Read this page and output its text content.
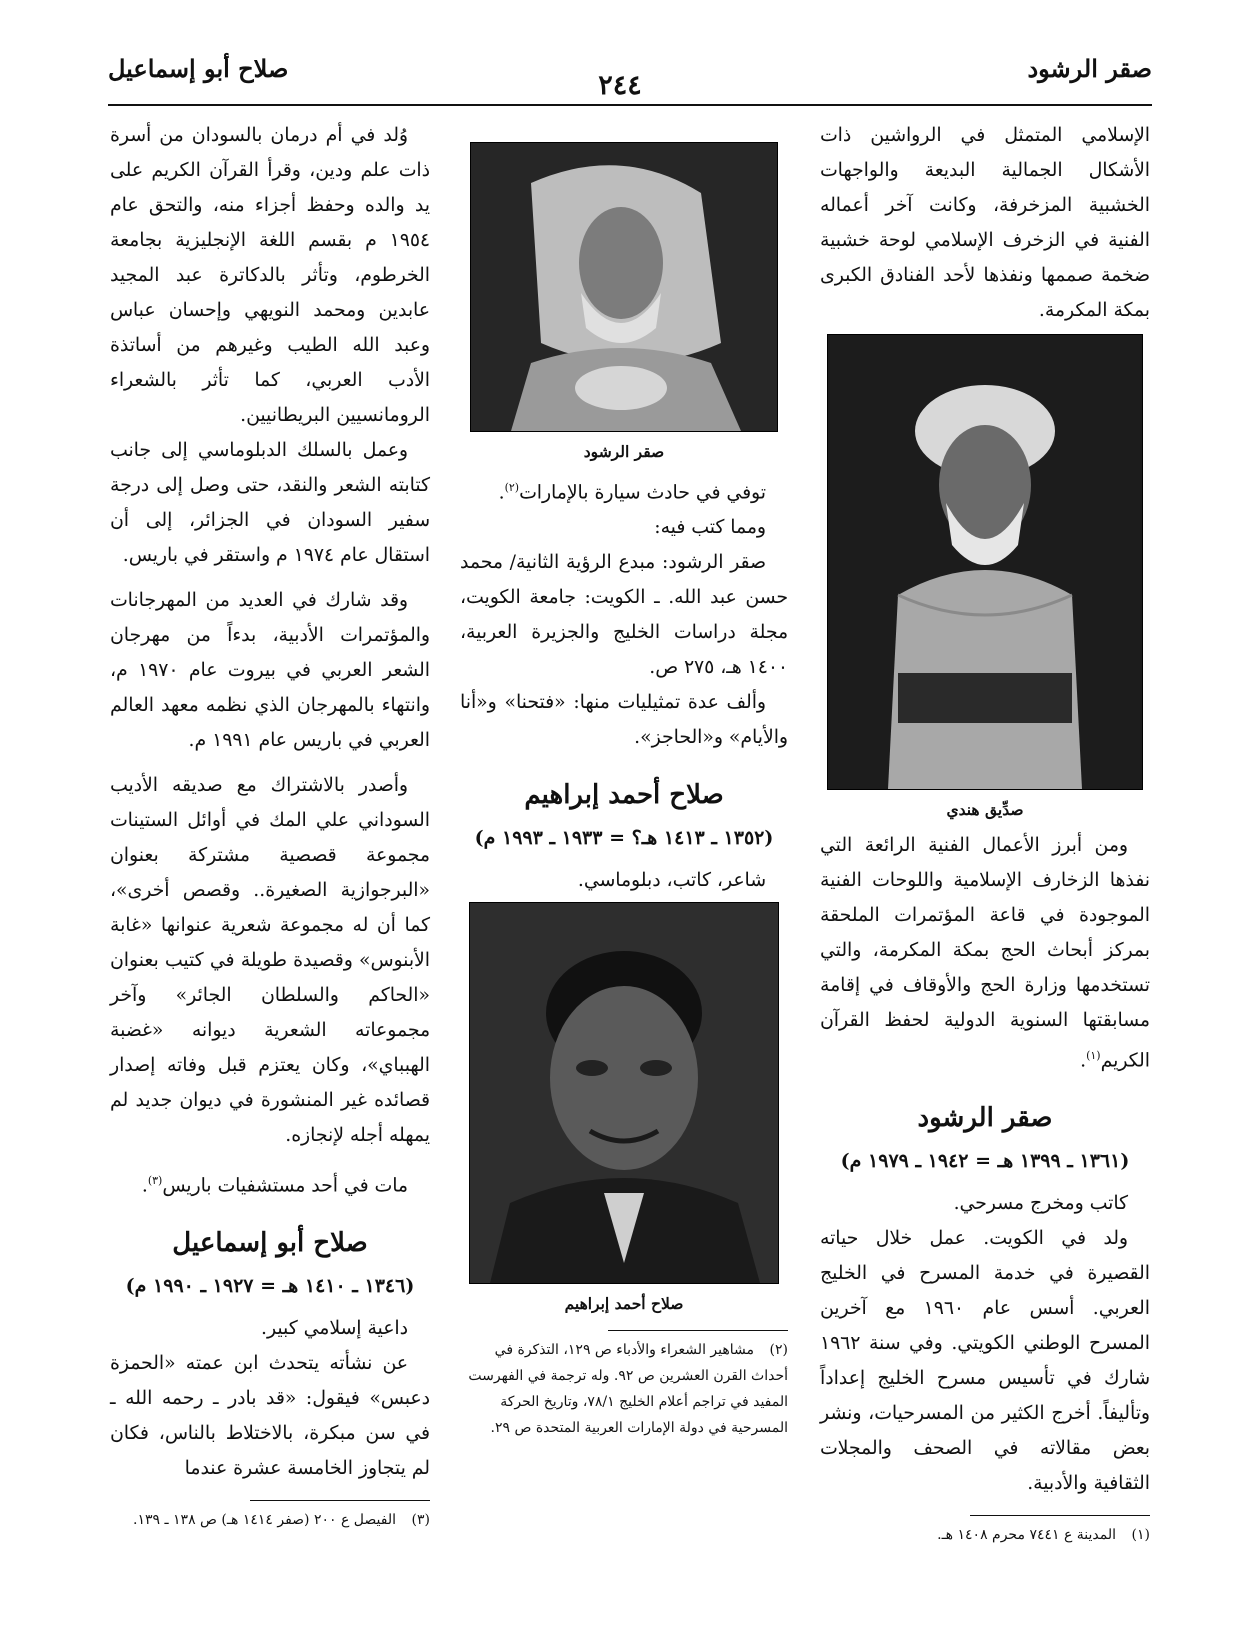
صقر الرشود
٢٤٤
صلاح أبو إسماعيل

الإسلامي المتمثل في الرواشين ذات الأشكال الجمالية البديعة والواجهات الخشبية المزخرفة، وكانت آخر أعماله الفنية في الزخرف الإسلامي لوحة خشبية ضخمة صممها ونفذها لأحد الفنادق الكبرى بمكة المكرمة.

صدِّيق هندي

ومن أبرز الأعمال الفنية الرائعة التي نفذها الزخارف الإسلامية واللوحات الفنية الموجودة في قاعة المؤتمرات الملحقة بمركز أبحاث الحج بمكة المكرمة، والتي تستخدمها وزارة الحج والأوقاف في إقامة مسابقتها السنوية الدولية لحفظ القرآن الكريم$^{(١)}$.

صقر الرشود
(١٣٦١ ـ ١٣٩٩ هـ = ١٩٤٢ ـ ١٩٧٩ م)

كاتب ومخرج مسرحي.

ولد في الكويت. عمل خلال حياته القصيرة في خدمة المسرح في الخليج العربي. أسس عام ١٩٦٠ مع آخرين المسرح الوطني الكويتي. وفي سنة ١٩٦٢ شارك في تأسيس مسرح الخليج إعداداً وتأليفاً. أخرج الكثير من المسرحيات، ونشر بعض مقالاته في الصحف والمجلات الثقافية والأدبية.

(١)المدينة ع ٧٤٤١ محرم ١٤٠٨ هـ.
صقر الرشود

توفي في حادث سيارة بالإمارات$^{(٢)}$.

ومما كتب فيه:

صقر الرشود: مبدع الرؤية الثانية/ محمد حسن عبد الله. ـ الكويت: جامعة الكويت، مجلة دراسات الخليج والجزيرة العربية، ١٤٠٠ هـ، ٢٧٥ ص.

وألف عدة تمثيليات منها: «فتحنا» و«أنا والأيام» و«الحاجز».

صلاح أحمد إبراهيم
(١٣٥٢ ـ ١٤١٣ هـ؟ = ١٩٣٣ ـ ١٩٩٣ م)

شاعر، كاتب، دبلوماسي.

صلاح أحمد إبراهيم
(٢)مشاهير الشعراء والأدباء ص ١٢٩، التذكرة في أحداث القرن العشرين ص ٩٢. وله ترجمة في الفهرست المفيد في تراجم أعلام الخليج ٧٨/١، وتاريخ الحركة المسرحية في دولة الإمارات العربية المتحدة ص ٢٩.

وُلد في أم درمان بالسودان من أسرة ذات علم ودين، وقرأ القرآن الكريم على يد والده وحفظ أجزاء منه، والتحق عام ١٩٥٤ م بقسم اللغة الإنجليزية بجامعة الخرطوم، وتأثر بالدكاترة عبد المجيد عابدين ومحمد النويهي وإحسان عباس وعبد الله الطيب وغيرهم من أساتذة الأدب العربي، كما تأثر بالشعراء الرومانسيين البريطانيين.

وعمل بالسلك الدبلوماسي إلى جانب كتابته الشعر والنقد، حتى وصل إلى درجة سفير السودان في الجزائر، إلى أن استقال عام ١٩٧٤ م واستقر في باريس.

وقد شارك في العديد من المهرجانات والمؤتمرات الأدبية، بدءاً من مهرجان الشعر العربي في بيروت عام ١٩٧٠ م، وانتهاء بالمهرجان الذي نظمه معهد العالم العربي في باريس عام ١٩٩١ م.

وأصدر بالاشتراك مع صديقه الأديب السوداني علي المك في أوائل الستينات مجموعة قصصية مشتركة بعنوان «البرجوازية الصغيرة.. وقصص أخرى»، كما أن له مجموعة شعرية عنوانها «غابة الأبنوس» وقصيدة طويلة في كتيب بعنوان «الحاكم والسلطان الجائر» وآخر مجموعاته الشعرية ديوانه «غضبة الهبباي»، وكان يعتزم قبل وفاته إصدار قصائده غير المنشورة في ديوان جديد لم يمهله أجله لإنجازه.

مات في أحد مستشفيات باريس$^{(٣)}$.

صلاح أبو إسماعيل
(١٣٤٦ ـ ١٤١٠ هـ = ١٩٢٧ ـ ١٩٩٠ م)

داعية إسلامي كبير.

عن نشأته يتحدث ابن عمته «الحمزة دعبس» فيقول: «قد بادر ـ رحمه الله ـ في سن مبكرة، بالاختلاط بالناس، فكان لم يتجاوز الخامسة عشرة عندما

(٣)الفيصل ع ٢٠٠ (صفر ١٤١٤ هـ) ص ١٣٨ ـ ١٣٩.
